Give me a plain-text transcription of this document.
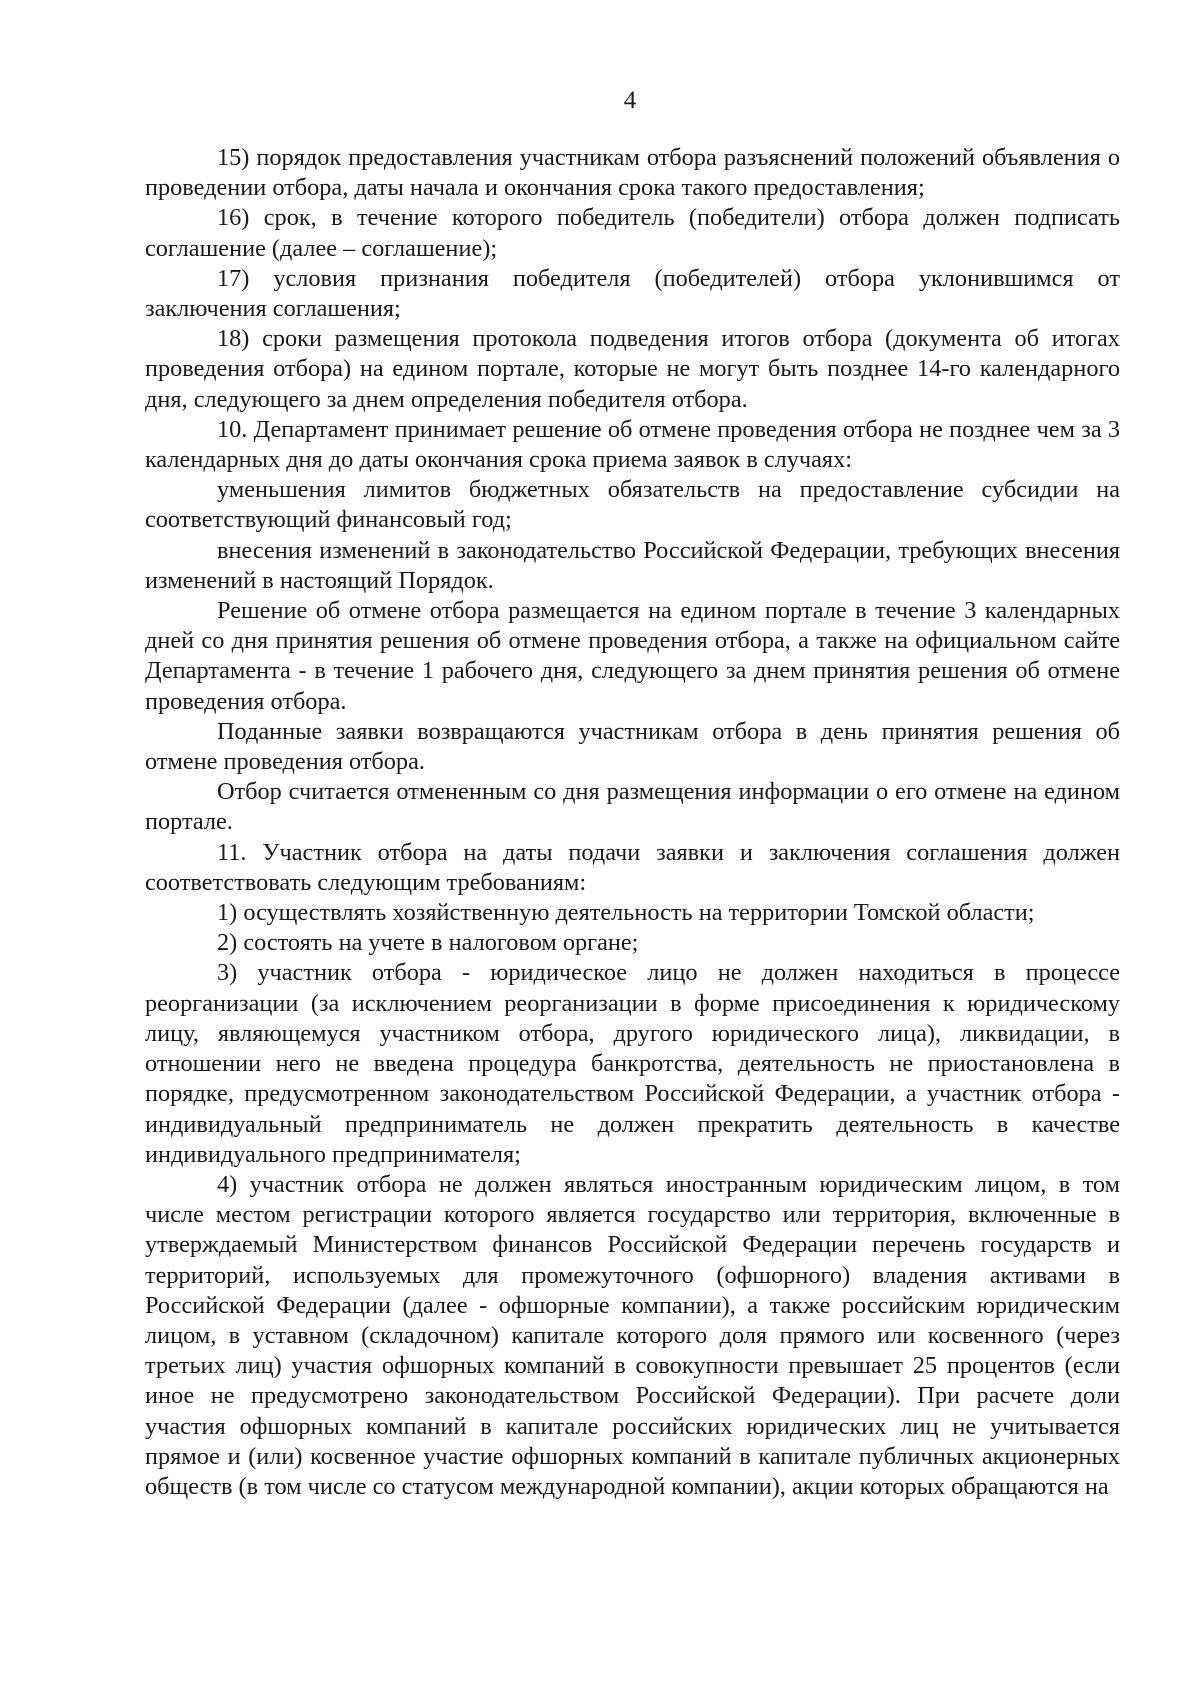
4

15) порядок предоставления участникам отбора разъяснений положений объявления о проведении отбора, даты начала и окончания срока такого предоставления;

16) срок, в течение которого победитель (победители) отбора должен подписать соглашение (далее – соглашение);

17) условия признания победителя (победителей) отбора уклонившимся от заключения соглашения;

18) сроки размещения протокола подведения итогов отбора (документа об итогах проведения отбора) на едином портале, которые не могут быть позднее 14-го календарного дня, следующего за днем определения победителя отбора.

10. Департамент принимает решение об отмене проведения отбора не позднее чем за 3 календарных дня до даты окончания срока приема заявок в случаях:

уменьшения лимитов бюджетных обязательств на предоставление субсидии на соответствующий финансовый год;

внесения изменений в законодательство Российской Федерации, требующих внесения изменений в настоящий Порядок.

Решение об отмене отбора размещается на едином портале в течение 3 календарных дней со дня принятия решения об отмене проведения отбора, а также на официальном сайте Департамента - в течение 1 рабочего дня, следующего за днем принятия решения об отмене проведения отбора.

Поданные заявки возвращаются участникам отбора в день принятия решения об отмене проведения отбора.

Отбор считается отмененным со дня размещения информации о его отмене на едином портале.

11. Участник отбора на даты подачи заявки и заключения соглашения должен соответствовать следующим требованиям:

1) осуществлять хозяйственную деятельность на территории Томской области;

2) состоять на учете в налоговом органе;

3) участник отбора - юридическое лицо не должен находиться в процессе реорганизации (за исключением реорганизации в форме присоединения к юридическому лицу, являющемуся участником отбора, другого юридического лица), ликвидации, в отношении него не введена процедура банкротства, деятельность не приостановлена в порядке, предусмотренном законодательством Российской Федерации, а участник отбора - индивидуальный предприниматель не должен прекратить деятельность в качестве индивидуального предпринимателя;

4) участник отбора не должен являться иностранным юридическим лицом, в том числе местом регистрации которого является государство или территория, включенные в утверждаемый Министерством финансов Российской Федерации перечень государств и территорий, используемых для промежуточного (офшорного) владения активами в Российской Федерации (далее - офшорные компании), а также российским юридическим лицом, в уставном (складочном) капитале которого доля прямого или косвенного (через третьих лиц) участия офшорных компаний в совокупности превышает 25 процентов (если иное не предусмотрено законодательством Российской Федерации). При расчете доли участия офшорных компаний в капитале российских юридических лиц не учитывается прямое и (или) косвенное участие офшорных компаний в капитале публичных акционерных обществ (в том числе со статусом международной компании), акции которых обращаются на
